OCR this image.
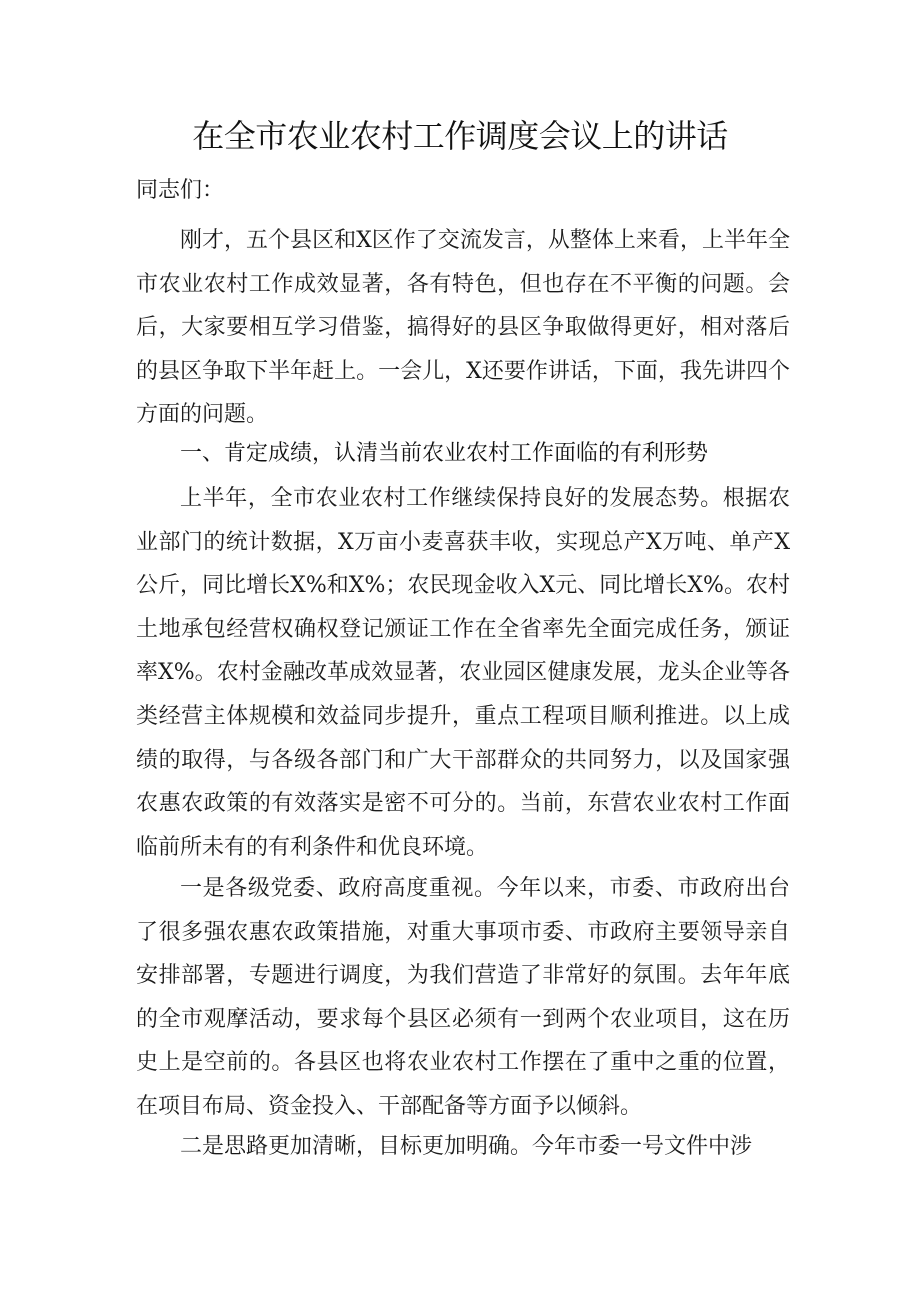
在全市农业农村工作调度会议上的讲话
同志们：

刚才，五个县区和X区作了交流发言，从整体上来看，上半年全市农业农村工作成效显著，各有特色，但也存在不平衡的问题。会后，大家要相互学习借鉴，搞得好的县区争取做得更好，相对落后的县区争取下半年赶上。一会儿，X还要作讲话，下面，我先讲四个方面的问题。

一、肯定成绩，认清当前农业农村工作面临的有利形势

上半年，全市农业农村工作继续保持良好的发展态势。根据农业部门的统计数据，X万亩小麦喜获丰收，实现总产X万吨、单产X公斤，同比增长X%和X%；农民现金收入X元、同比增长X%。农村土地承包经营权确权登记颁证工作在全省率先全面完成任务，颁证率X%。农村金融改革成效显著，农业园区健康发展，龙头企业等各类经营主体规模和效益同步提升，重点工程项目顺利推进。以上成绩的取得，与各级各部门和广大干部群众的共同努力，以及国家强农惠农政策的有效落实是密不可分的。当前，东营农业农村工作面临前所未有的有利条件和优良环境。

一是各级党委、政府高度重视。今年以来，市委、市政府出台了很多强农惠农政策措施，对重大事项市委、市政府主要领导亲自安排部署，专题进行调度，为我们营造了非常好的氛围。去年年底的全市观摩活动，要求每个县区必须有一到两个农业项目，这在历史上是空前的。各县区也将农业农村工作摆在了重中之重的位置，在项目布局、资金投入、干部配备等方面予以倾斜。

二是思路更加清晰，目标更加明确。今年市委一号文件中涉
